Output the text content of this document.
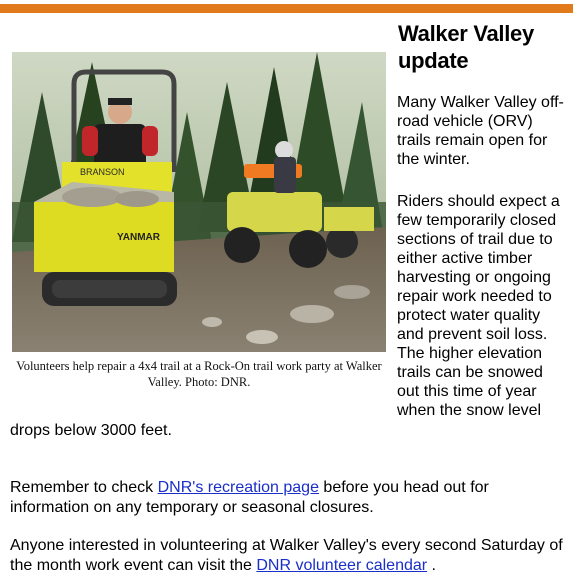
BRANSON
YANMAR
Volunteers help repair a 4x4 trail at a Rock-On trail work party at Walker Valley. Photo: DNR.
Walker Valley
update

Many Walker Valley off-road vehicle (ORV) trails remain open for the winter.

Riders should expect a few temporarily closed sections of trail due to either active timber harvesting or ongoing repair work needed to protect water quality and prevent soil loss. The higher elevation trails can be snowed out this time of year when the snow level

drops below 3000 feet.

Remember to check DNR's recreation page before you head out for information on any temporary or seasonal closures.

Anyone interested in volunteering at Walker Valley's every second Saturday of the month work event can visit the DNR volunteer calendar .
